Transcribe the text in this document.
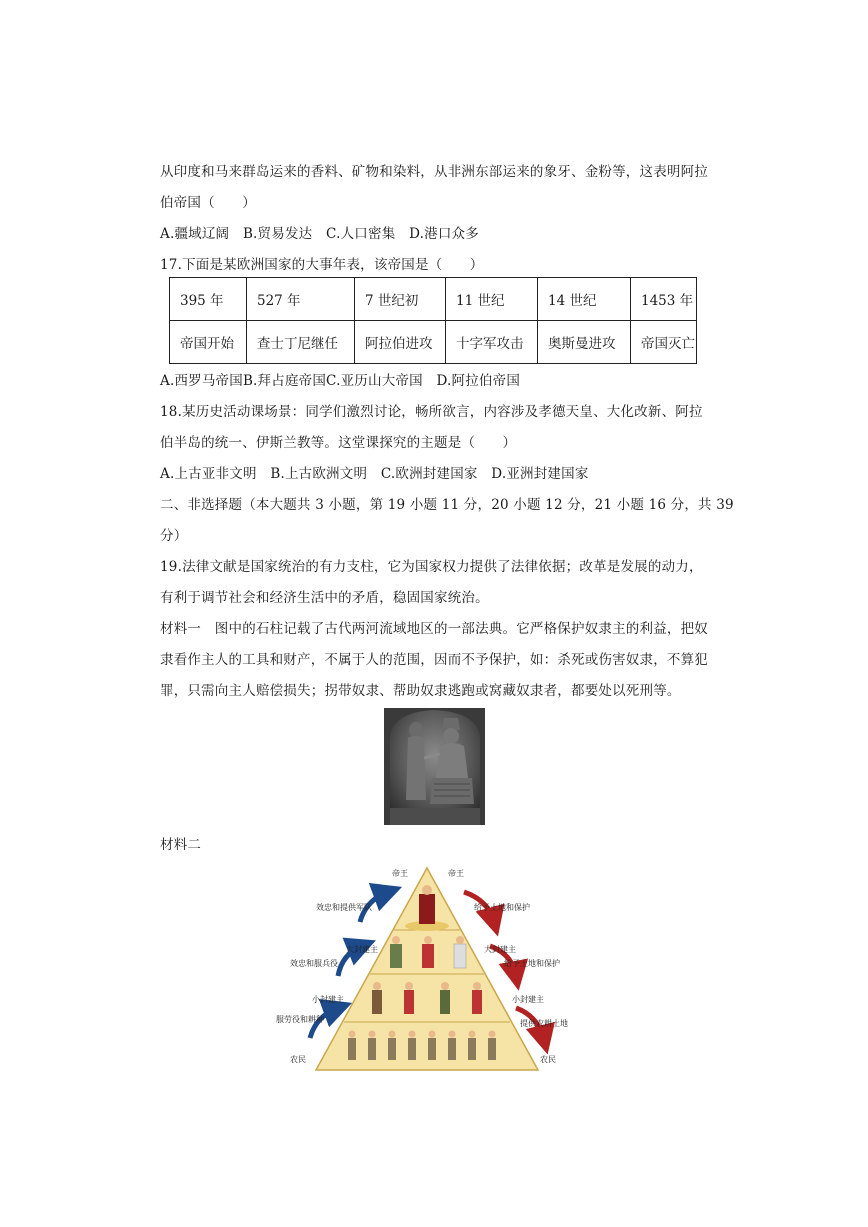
从印度和马来群岛运来的香料、矿物和染料，从非洲东部运来的象牙、金粉等，这表明阿拉
伯帝国（　　）
A.疆域辽阔　B.贸易发达　C.人口密集　D.港口众多
17.下面是某欧洲国家的大事年表，该帝国是（　　）
395 年	527 年	7 世纪初	11 世纪	14 世纪	1453 年
帝国开始	查士丁尼继任	阿拉伯进攻	十字军攻击	奥斯曼进攻	帝国灭亡
A.西罗马帝国B.拜占庭帝国C.亚历山大帝国　D.阿拉伯帝国
18.某历史活动课场景：同学们激烈讨论，畅所欲言，内容涉及孝德天皇、大化改新、阿拉
伯半岛的统一、伊斯兰教等。这堂课探究的主题是（　　）
A.上古亚非文明　B.上古欧洲文明　C.欧洲封建国家　D.亚洲封建国家
二、非选择题（本大题共 3 小题，第 19 小题 11 分，20 小题 12 分，21 小题 16 分，共 39
分）
19.法律文献是国家统治的有力支柱，它为国家权力提供了法律依据；改革是发展的动力，
有利于调节社会和经济生活中的矛盾，稳固国家统治。
材料一　图中的石柱记载了古代两河流域地区的一部法典。它严格保护奴隶主的利益，把奴
隶看作主人的工具和财产，不属于人的范围，因而不予保护，如：杀死或伤害奴隶，不算犯
罪，只需向主人赔偿损失；拐带奴隶、帮助奴隶逃跑或窝藏奴隶者，都要处以死刑等。
材料二
帝王
大封建主
小封建主
农民
帝王
大封建主
小封建主
农民
效忠和提供军队
效忠和服兵役
服劳役和耕种
给予土地和保护
给予土地和保护
提供农耕土地
